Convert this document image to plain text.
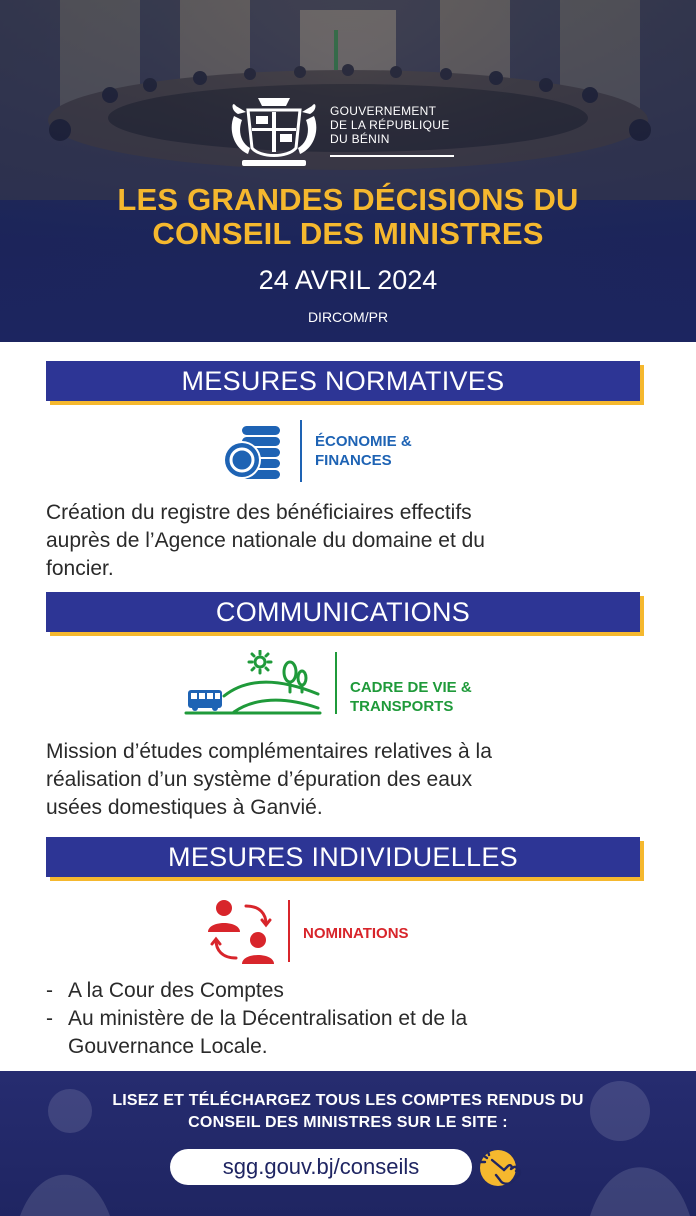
GOUVERNEMENT
DE LA RÉPUBLIQUE
DU BÉNIN
LES GRANDES DÉCISIONS DU
CONSEIL DES MINISTRES
24 AVRIL 2024
DIRCOM/PR
MESURES NORMATIVES
ÉCONOMIE &
FINANCES
Création du registre des bénéficiaires effectifs
auprès de l’Agence nationale du domaine et du
foncier.
COMMUNICATIONS
CADRE DE VIE &
TRANSPORTS
Mission d’études complémentaires relatives à la
réalisation d’un système d’épuration des eaux
usées domestiques à Ganvié.
MESURES INDIVIDUELLES
NOMINATIONS
- A la Cour des Comptes
- Au ministère de la Décentralisation et de la
Gouvernance Locale.
LISEZ ET TÉLÉCHARGEZ TOUS LES COMPTES RENDUS DU
CONSEIL DES MINISTRES SUR LE SITE :
sgg.gouv.bj/conseils
